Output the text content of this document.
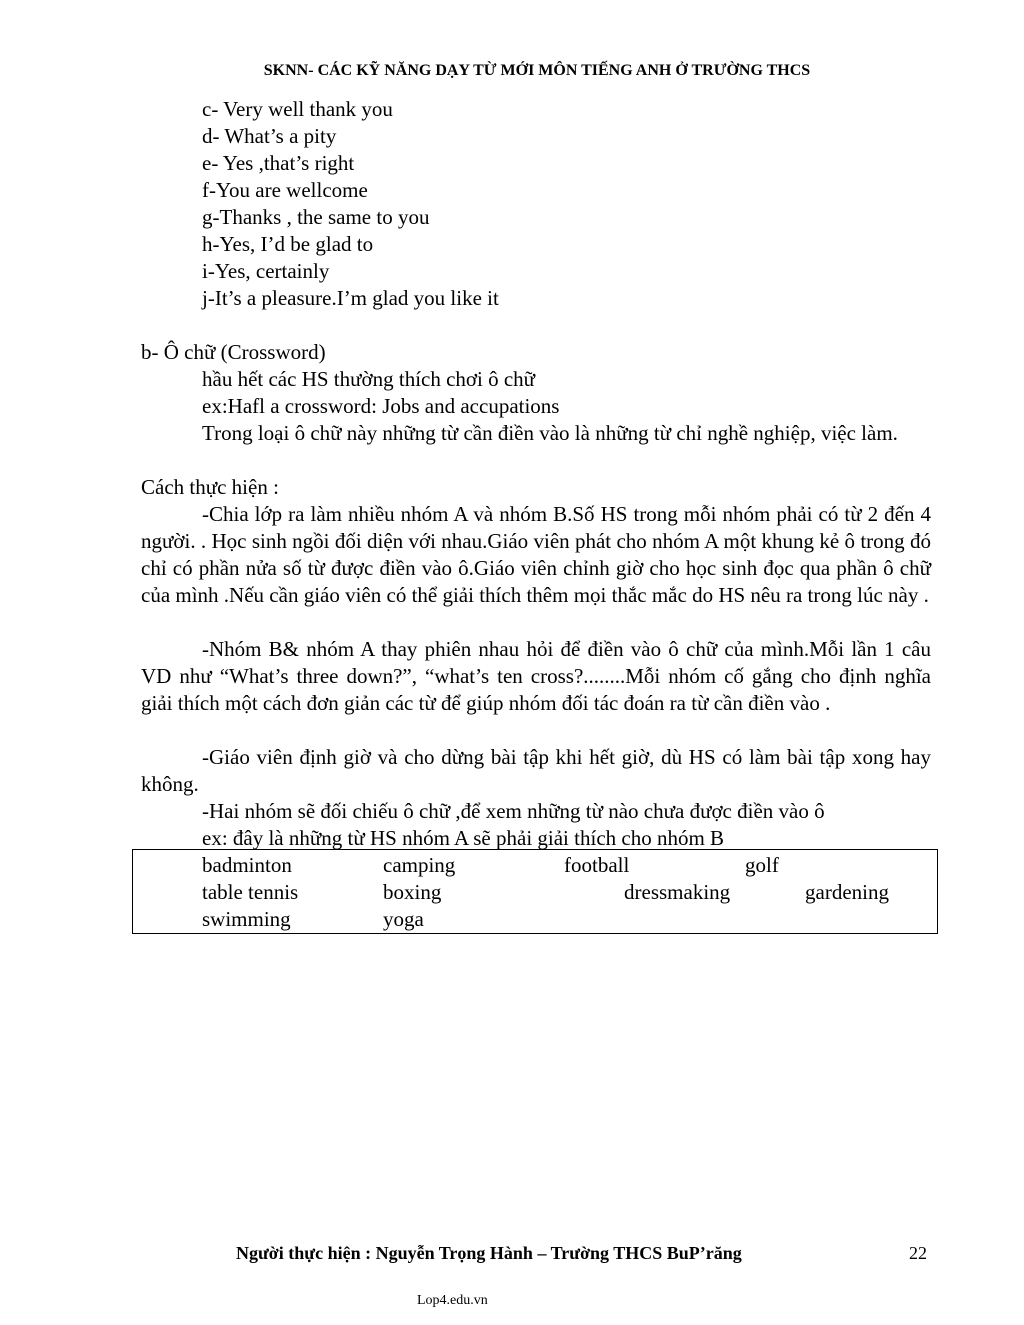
SKNN- CÁC KỸ NĂNG DẠY TỪ MỚI MÔN TIẾNG ANH Ở TRƯỜNG THCS
c- Very well thank you
d- What’s a pity
e- Yes ,that’s right
f-You are wellcome
g-Thanks , the same to you
h-Yes, I’d be glad to
i-Yes, certainly
j-It’s a pleasure.I’m glad you like it
b- Ô chữ (Crossword)
hầu hết các HS thường thích chơi ô chữ
ex:Hafl a crossword: Jobs and accupations
Trong loại ô chữ này những từ cần điền vào là những từ chỉ nghề nghiệp, việc làm.
Cách thực hiện :
-Chia lớp ra làm nhiều nhóm A và nhóm B.Số HS trong mỗi nhóm phải có từ 2 đến 4 người. . Học sinh ngồi đối diện với nhau.Giáo viên phát cho nhóm A một khung kẻ ô trong đó chỉ có phần nửa số từ được điền vào ô.Giáo viên chỉnh giờ cho học sinh đọc qua phần ô chữ của mình .Nếu cần giáo viên có thể giải thích thêm mọi thắc mắc do HS nêu ra trong lúc này .
-Nhóm B& nhóm A thay phiên nhau hỏi để điền vào ô chữ của mình.Mỗi lần 1 câu VD như “What’s three down?”, “what’s ten cross?........Mỗi nhóm cố gắng cho định nghĩa giải thích một cách đơn giản các từ để giúp nhóm đối tác đoán ra từ cần điền vào .
-Giáo viên định giờ và cho dừng bài tập khi hết giờ, dù HS có làm bài tập xong hay không.
-Hai nhóm sẽ đối chiếu ô chữ ,để xem những từ nào chưa được điền vào ô
ex: đây là những từ HS nhóm A sẽ phải giải thích cho nhóm B
badminton	camping	football	golf
table tennis	boxing	dressmaking	gardening
swimming	yoga
Người thực hiện : Nguyễn Trọng Hành – Trường THCS BuP’răng	22
Lop4.edu.vn
